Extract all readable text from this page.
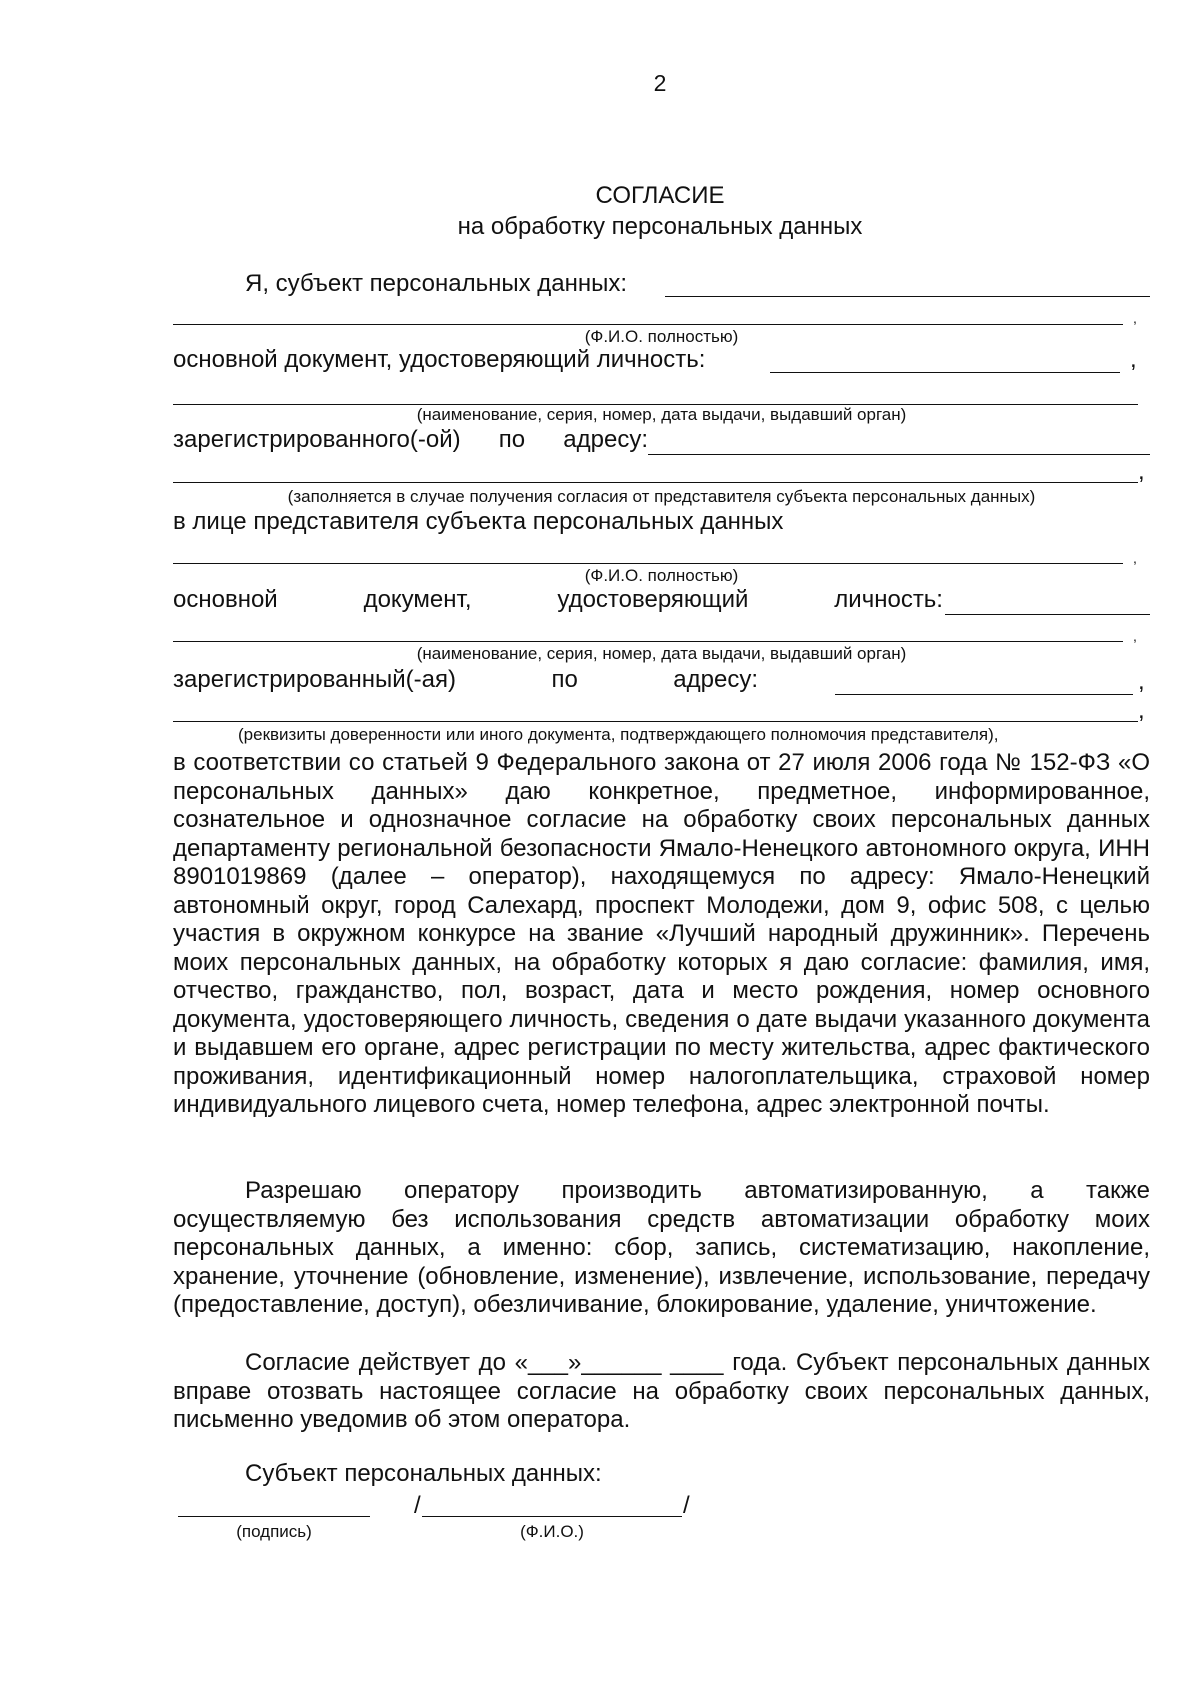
2
СОГЛАСИЕ
на обработку персональных данных
Я, субъект персональных данных:
,
(Ф.И.О. полностью)
основной документ, удостоверяющий личность:	,
(наименование, серия, номер, дата выдачи, выдавший орган)
зарегистрированного(-ой) по адресу:
,
(заполняется в случае получения согласия от представителя субъекта персональных данных)
в лице представителя субъекта персональных данных
,
(Ф.И.О. полностью)
основной	документ,	удостоверяющий	личность:
,
(наименование, серия, номер, дата выдачи, выдавший орган)
зарегистрированный(-ая)	по	адресу:	,
,
(реквизиты доверенности или иного документа, подтверждающего полномочия представителя),
в соответствии со статьей 9 Федерального закона от 27 июля 2006 года № 152-ФЗ «О персональных данных» даю конкретное, предметное, информированное, сознательное и однозначное согласие на обработку своих персональных данных департаменту региональной безопасности Ямало-Ненецкого автономного округа, ИНН 8901019869 (далее – оператор), находящемуся по адресу: Ямало-Ненецкий автономный округ, город Салехард, проспект Молодежи, дом 9, офис 508, с целью участия в окружном конкурсе на звание «Лучший народный дружинник». Перечень моих персональных данных, на обработку которых я даю согласие: фамилия, имя, отчество, гражданство, пол, возраст, дата и место рождения, номер основного документа, удостоверяющего личность, сведения о дате выдачи указанного документа и выдавшем его органе, адрес регистрации по месту жительства, адрес фактического проживания, идентификационный номер налогоплательщика, страховой номер индивидуального лицевого счета, номер телефона, адрес электронной почты.
Разрешаю оператору производить автоматизированную, а также осуществляемую без использования средств автоматизации обработку моих персональных данных, а именно: сбор, запись, систематизацию, накопление, хранение, уточнение (обновление, изменение), извлечение, использование, передачу (предоставление, доступ), обезличивание, блокирование, удаление, уничтожение.
Согласие действует до «___»______ ____ года. Субъект персональных данных вправе отозвать настоящее согласие на обработку своих персональных данных, письменно уведомив об этом оператора.
Субъект персональных данных:
/	/
(подпись)	(Ф.И.О.)
